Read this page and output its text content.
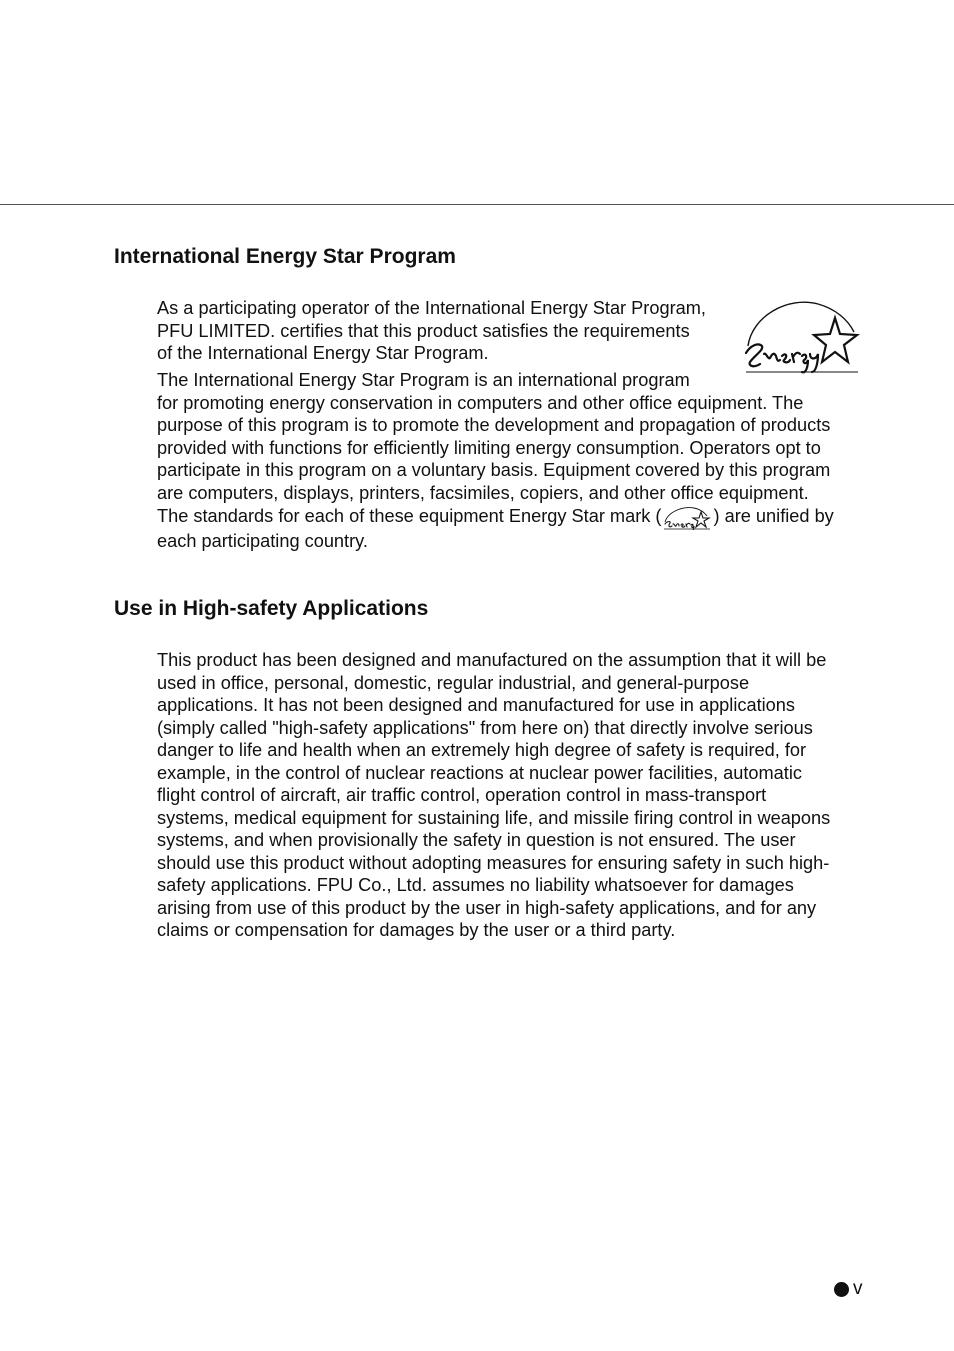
International Energy Star Program
As a participating operator of the International Energy Star Program,
PFU LIMITED. certifies that this product satisfies the requirements
of the International Energy Star Program.
The International Energy Star Program is an international program
for promoting energy conservation in computers and other office equipment. The
purpose of this program is to promote the development and propagation of products
provided with functions for efficiently limiting energy consumption. Operators opt to
participate in this program on a voluntary basis. Equipment covered by this program
are computers, displays, printers, facsimiles, copiers, and other office equipment.
The standards for each of these equipment Energy Star mark (	) are unified by
each participating country.
Use in High-safety Applications
This product has been designed and manufactured on the assumption that it will be
used in office, personal, domestic, regular industrial, and general-purpose
applications. It has not been designed and manufactured for use in applications
(simply called "high-safety applications" from here on) that directly involve serious
danger to life and health when an extremely high degree of safety is required, for
example, in the control of nuclear reactions at nuclear power facilities, automatic
flight control of aircraft, air traffic control, operation control in mass-transport
systems, medical equipment for sustaining life, and missile firing control in weapons
systems, and when provisionally the safety in question is not ensured. The user
should use this product without adopting measures for ensuring safety in such high-
safety applications. FPU Co., Ltd. assumes no liability whatsoever for damages
arising from use of this product by the user in high-safety applications, and for any
claims or compensation for damages by the user or a third party.
v
